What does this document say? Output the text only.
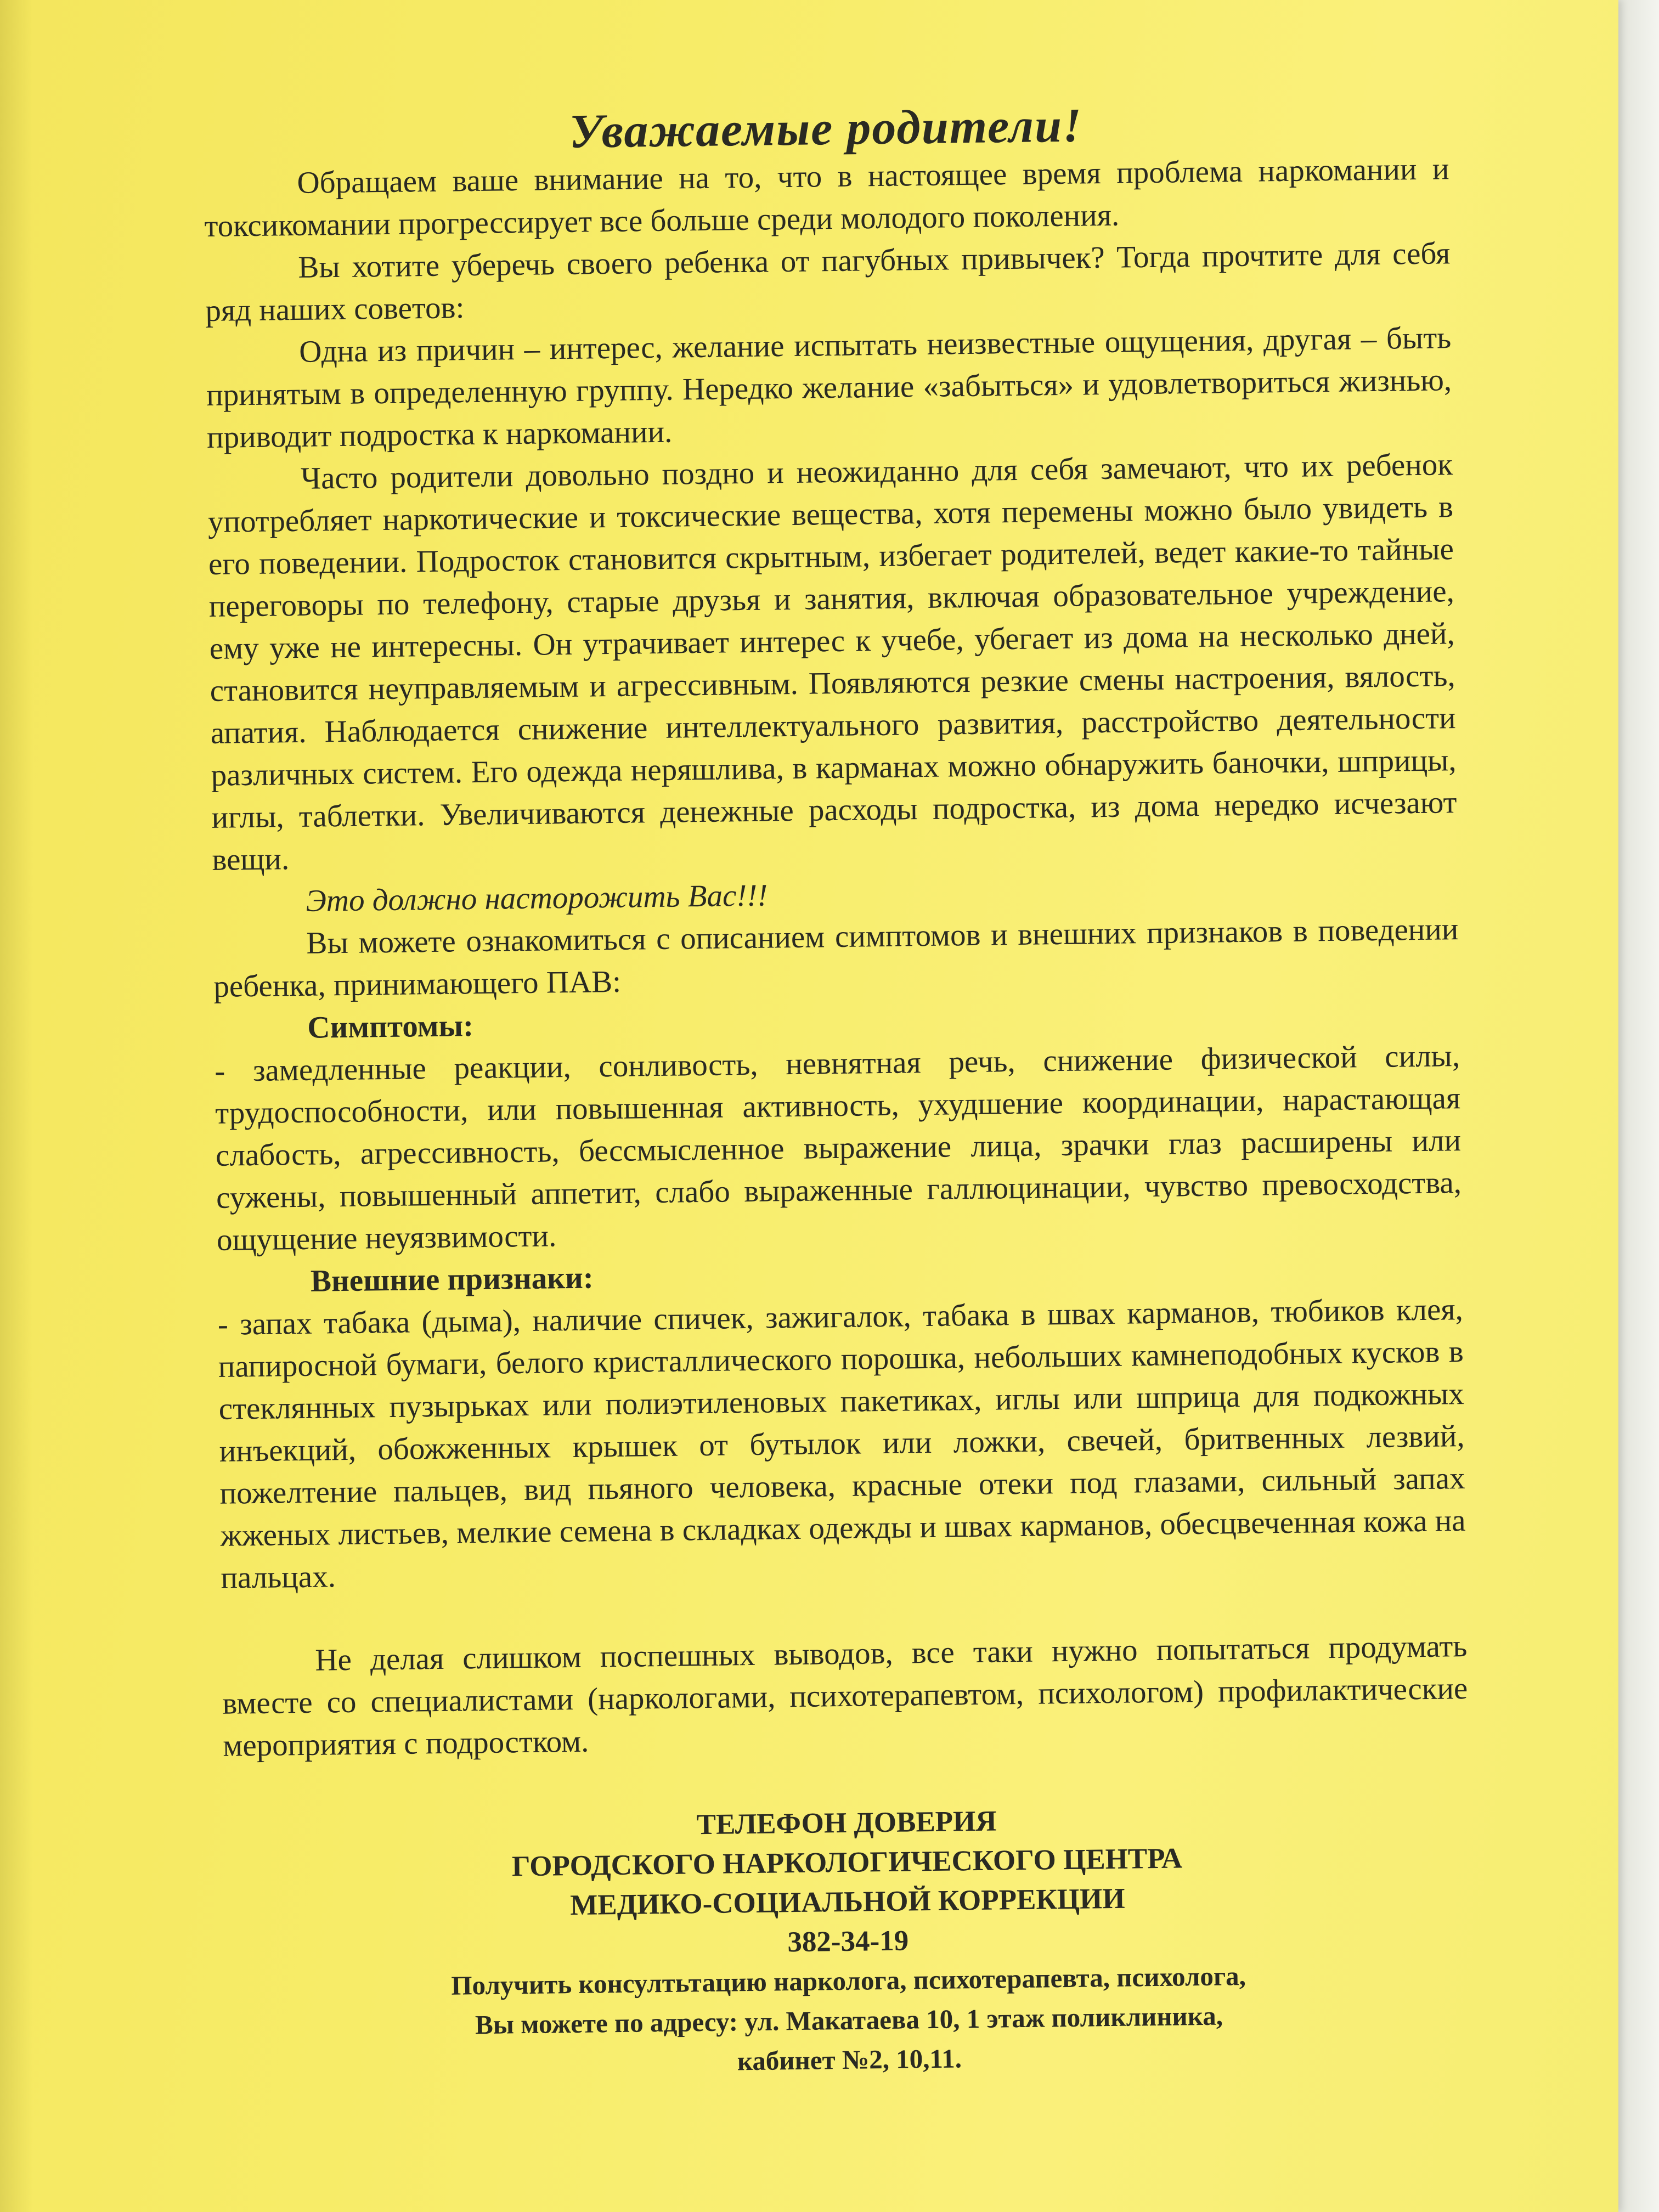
Уважаемые родители!

Обращаем ваше внимание на то, что в настоящее время проблема наркомании и токсикомании прогрессирует все больше среди молодого поколения.

Вы хотите уберечь своего ребенка от пагубных привычек? Тогда прочтите для себя ряд наших советов:

Одна из причин – интерес, желание испытать неизвестные ощущения, другая – быть принятым в определенную группу. Нередко желание «забыться» и удовлетвориться жизнью, приводит подростка к наркомании.

Часто родители довольно поздно и неожиданно для себя замечают, что их ребенок употребляет наркотические и токсические вещества, хотя перемены можно было увидеть в его поведении. Подросток становится скрытным, избегает родителей, ведет какие-то тайные переговоры по телефону, старые друзья и занятия, включая образовательное учреждение, ему уже не интересны. Он утрачивает интерес к учебе, убегает из дома на несколько дней, становится неуправляемым и агрессивным. Появляются резкие смены настроения, вялость, апатия. Наблюдается снижение интеллектуального развития, расстройство деятельности различных систем. Его одежда неряшлива, в карманах можно обнаружить баночки, шприцы, иглы, таблетки. Увеличиваются денежные расходы подростка, из дома нередко исчезают вещи.

Это должно насторожить Вас!!!

Вы можете ознакомиться с описанием симптомов и внешних признаков в поведении ребенка, принимающего ПАВ:

Симптомы:

- замедленные реакции, сонливость, невнятная речь, снижение физической силы, трудоспособности, или повышенная активность, ухудшение координации, нарастающая слабость, агрессивность, бессмысленное выражение лица, зрачки глаз расширены или сужены, повышенный аппетит, слабо выраженные галлюцинации, чувство превосходства, ощущение неуязвимости.

Внешние признаки:

- запах табака (дыма), наличие спичек, зажигалок, табака в швах карманов, тюбиков клея, папиросной бумаги, белого кристаллического порошка, небольших камнеподобных кусков в стеклянных пузырьках или полиэтиленовых пакетиках, иглы или шприца для подкожных инъекций, обожженных крышек от бутылок или ложки, свечей, бритвенных лезвий, пожелтение пальцев, вид пьяного человека, красные отеки под глазами, сильный запах жженых листьев, мелкие семена в складках одежды и швах карманов, обесцвеченная кожа на пальцах.

Не делая слишком поспешных выводов, все таки нужно попытаться продумать вместе со специалистами (наркологами, психотерапевтом, психологом) профилактические мероприятия с подростком.

ТЕЛЕФОН ДОВЕРИЯ
ГОРОДСКОГО НАРКОЛОГИЧЕСКОГО ЦЕНТРА
МЕДИКО-СОЦИАЛЬНОЙ КОРРЕКЦИИ
382-34-19
Получить консултьтацию нарколога, психотерапевта, психолога,
Вы можете по адресу: ул. Макатаева 10, 1 этаж поликлиника,
кабинет №2, 10,11.
